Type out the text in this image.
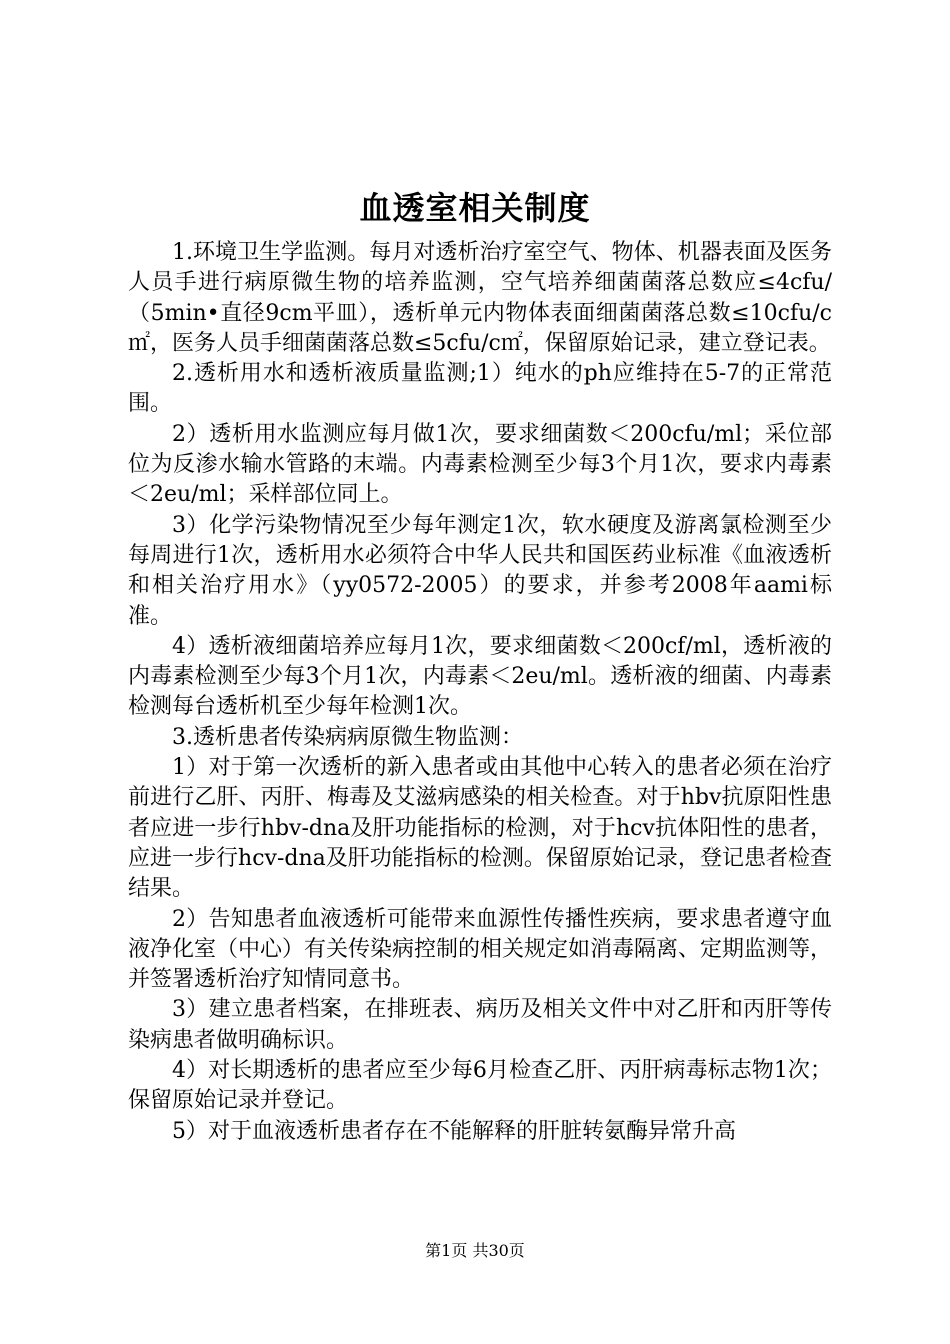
血透室相关制度

1.环境卫生学监测。每月对透析治疗室空气、物体、机器表面及医务人员手进行病原微生物的培养监测，空气培养细菌菌落总数应≤4cfu/（5min•直径9cm平皿），透析单元内物体表面细菌菌落总数≤10cfu/c㎡，医务人员手细菌菌落总数≤5cfu/c㎡，保留原始记录，建立登记表。

2.透析用水和透析液质量监测;1）纯水的ph应维持在5-7的正常范围。

2）透析用水监测应每月做1次，要求细菌数＜200cfu/ml；采位部位为反渗水输水管路的末端。内毒素检测至少每3个月1次，要求内毒素＜2eu/ml；采样部位同上。

3）化学污染物情况至少每年测定1次，软水硬度及游离氯检测至少每周进行1次，透析用水必须符合中华人民共和国医药业标准《血液透析和相关治疗用水》（yy0572-2005）的要求，并参考2008年aami标准。

4）透析液细菌培养应每月1次，要求细菌数＜200cf/ml，透析液的内毒素检测至少每3个月1次，内毒素＜2eu/ml。透析液的细菌、内毒素检测每台透析机至少每年检测1次。

3.透析患者传染病病原微生物监测：

1）对于第一次透析的新入患者或由其他中心转入的患者必须在治疗前进行乙肝、丙肝、梅毒及艾滋病感染的相关检查。对于hbv抗原阳性患者应进一步行hbv-dna及肝功能指标的检测，对于hcv抗体阳性的患者，应进一步行hcv-dna及肝功能指标的检测。保留原始记录，登记患者检查结果。

2）告知患者血液透析可能带来血源性传播性疾病，要求患者遵守血液净化室（中心）有关传染病控制的相关规定如消毒隔离、定期监测等，并签署透析治疗知情同意书。

3）建立患者档案，在排班表、病历及相关文件中对乙肝和丙肝等传染病患者做明确标识。

4）对长期透析的患者应至少每6月检查乙肝、丙肝病毒标志物1次；保留原始记录并登记。

5）对于血液透析患者存在不能解释的肝脏转氨酶异常升高

第1页 共30页
